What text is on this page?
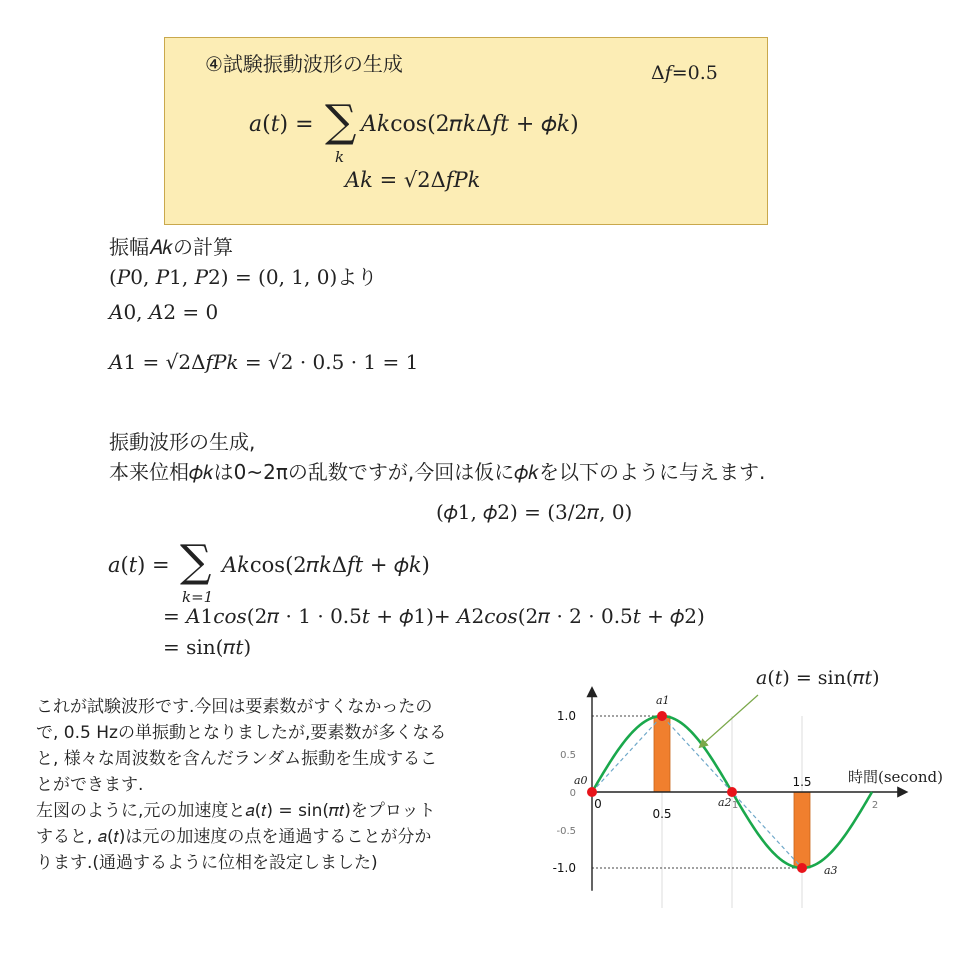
④試験振動波形の生成	Δ𝑓=0.5
𝑎(𝑡) = ∑
𝑘
𝐴𝑘cos(2𝜋𝑘Δ𝑓𝑡 + 𝜙𝑘)
𝐴𝑘 = √2Δ𝑓𝑃𝑘
振幅𝐴𝑘の計算
(𝑃0, 𝑃1, 𝑃2) = (0, 1, 0)より
𝐴0, 𝐴2 = 0
𝐴1 = √2Δ𝑓𝑃𝑘 = √2 · 0.5 · 1 = 1
振動波形の生成,
本来位相𝜙𝑘は0~2πの乱数ですが,今回は仮に𝜙𝑘を以下のように与えます.
(𝜙1, 𝜙2) = (3/2𝜋, 0)
𝑎(𝑡) = ∑
𝑘=1
𝐴𝑘cos(2𝜋𝑘Δ𝑓𝑡 + 𝜙𝑘)
= 𝐴1𝑐𝑜𝑠(2𝜋 · 1 · 0.5𝑡 + 𝜙1)+ 𝐴2𝑐𝑜𝑠(2𝜋 · 2 · 0.5𝑡 + 𝜙2)
= sin(𝜋𝑡)
これが試験波形です.今回は要素数がすくなかったの
で, 0.5 Hzの単振動となりましたが,要素数が多くなる
と, 様々な周波数を含んだランダム振動を生成するこ
とができます.
左図のように,元の加速度と𝑎(𝑡) = sin(𝜋𝑡)をプロット
すると, 𝑎(𝑡)は元の加速度の点を通過することが分か
ります.(通過するように位相を設定しました)
𝑎0
𝑎1
𝑎2
𝑎3
1.0
0.5
0
-0.5
-1.0
0
0.5
1.5
1	2
時間(second)
𝑎(𝑡) = sin(𝜋𝑡)
